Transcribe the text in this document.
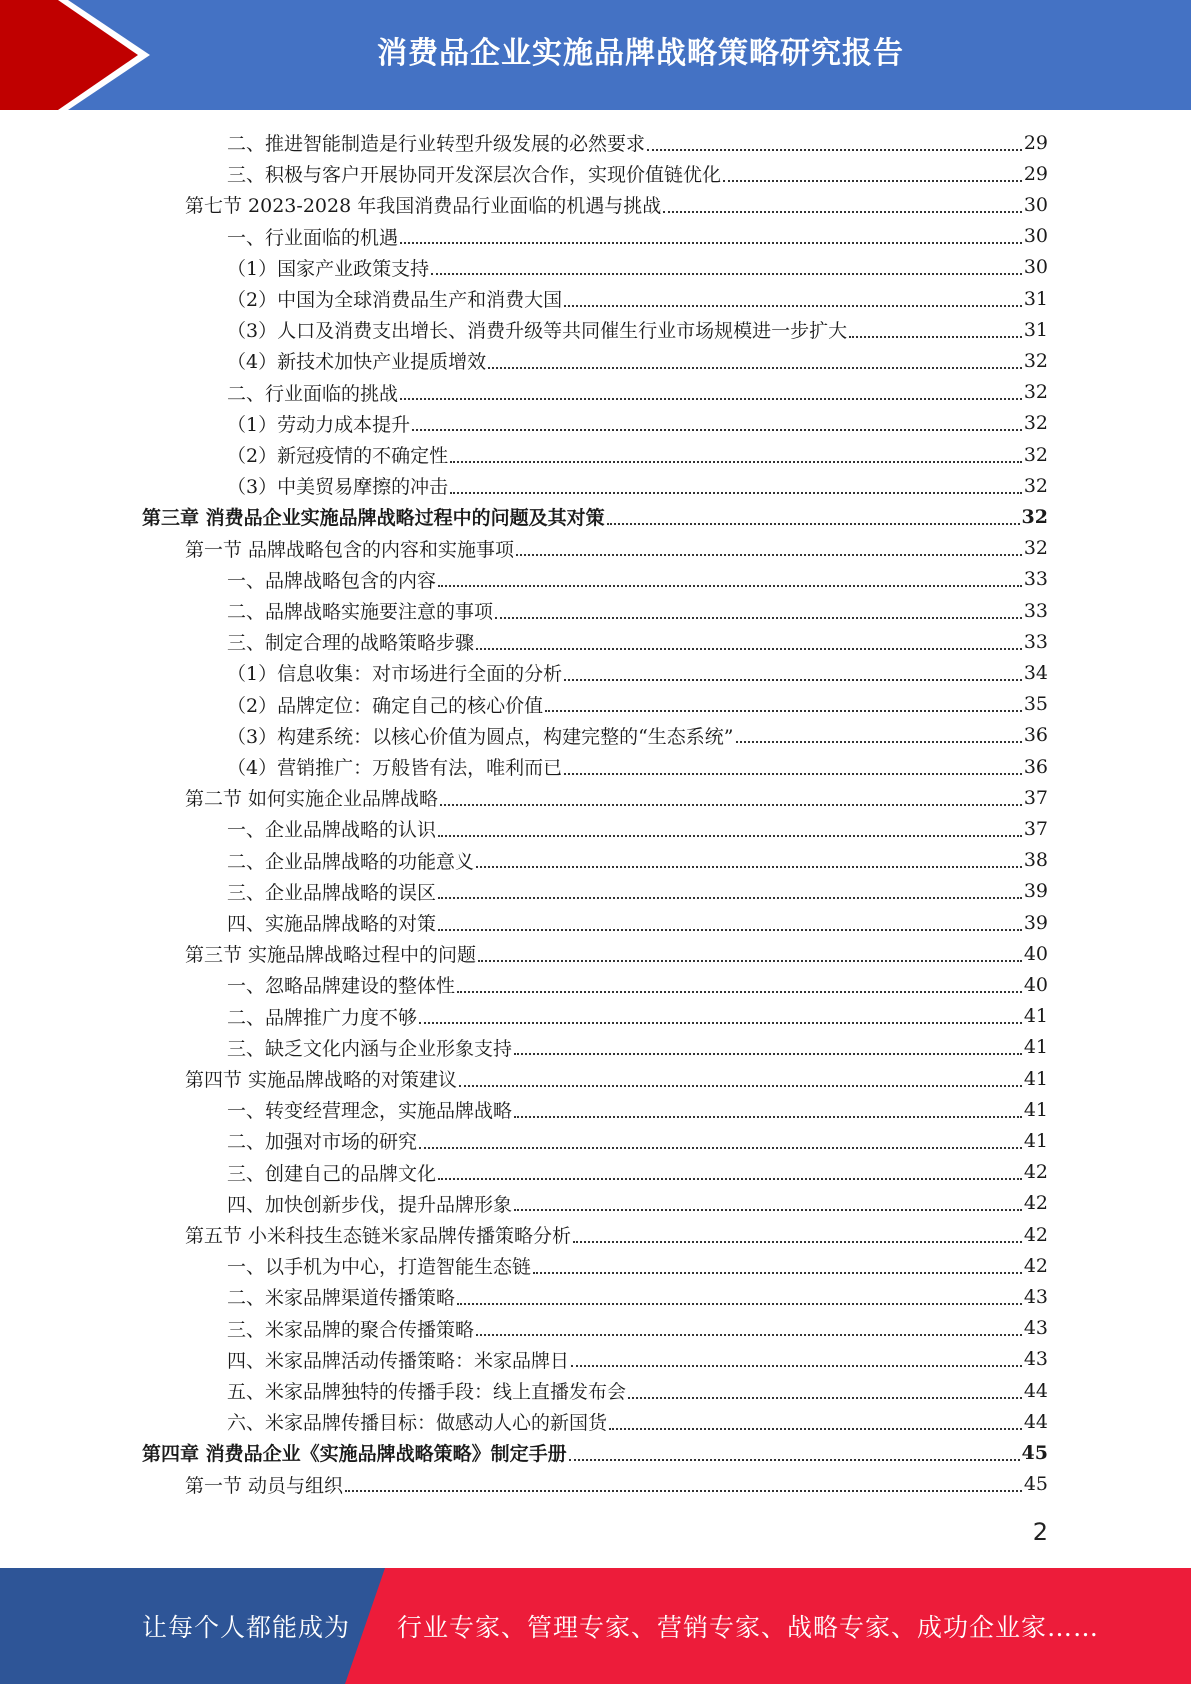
消费品企业实施品牌战略策略研究报告
二、推进智能制造是行业转型升级发展的必然要求	29
三、积极与客户开展协同开发深层次合作，实现价值链优化	29
第七节 2023-2028 年我国消费品行业面临的机遇与挑战	30
一、行业面临的机遇	30
（1）国家产业政策支持	30
（2）中国为全球消费品生产和消费大国	31
（3）人口及消费支出增长、消费升级等共同催生行业市场规模进一步扩大	31
（4）新技术加快产业提质增效	32
二、行业面临的挑战	32
（1）劳动力成本提升	32
（2）新冠疫情的不确定性	32
（3）中美贸易摩擦的冲击	32
第三章 消费品企业实施品牌战略过程中的问题及其对策	32
第一节 品牌战略包含的内容和实施事项	32
一、品牌战略包含的内容	33
二、品牌战略实施要注意的事项	33
三、制定合理的战略策略步骤	33
（1）信息收集：对市场进行全面的分析	34
（2）品牌定位：确定自己的核心价值	35
（3）构建系统：以核心价值为圆点，构建完整的“生态系统”	36
（4）营销推广：万般皆有法，唯利而已	36
第二节 如何实施企业品牌战略	37
一、企业品牌战略的认识	37
二、企业品牌战略的功能意义	38
三、企业品牌战略的误区	39
四、实施品牌战略的对策	39
第三节 实施品牌战略过程中的问题	40
一、忽略品牌建设的整体性	40
二、品牌推广力度不够	41
三、缺乏文化内涵与企业形象支持	41
第四节 实施品牌战略的对策建议	41
一、转变经营理念，实施品牌战略	41
二、加强对市场的研究	41
三、创建自己的品牌文化	42
四、加快创新步伐，提升品牌形象	42
第五节 小米科技生态链米家品牌传播策略分析	42
一、以手机为中心，打造智能生态链	42
二、米家品牌渠道传播策略	43
三、米家品牌的聚合传播策略	43
四、米家品牌活动传播策略：米家品牌日	43
五、米家品牌独特的传播手段：线上直播发布会	44
六、米家品牌传播目标：做感动人心的新国货	44
第四章 消费品企业《实施品牌战略策略》制定手册	45
第一节 动员与组织	45
2
让每个人都能成为 行业专家、管理专家、营销专家、战略专家、成功企业家……
